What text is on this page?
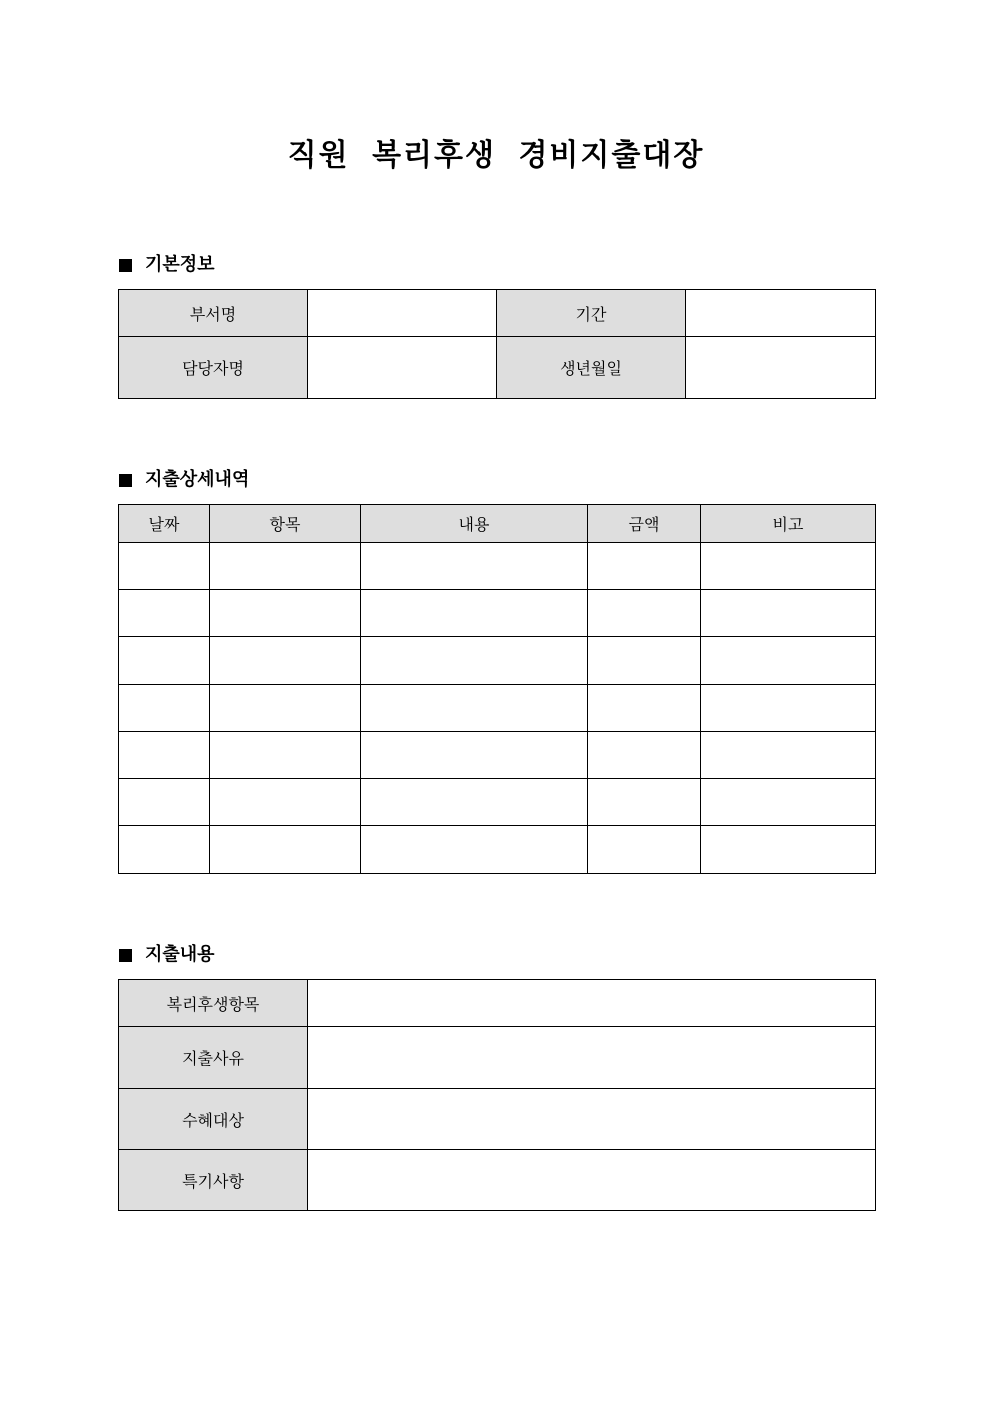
직원 복리후생 경비지출대장
기본정보
부서명		기간	
담당자명		생년월일	
지출상세내역
날짜	항목	내용	금액	비고

지출내용
복리후생항목	
지출사유	
수혜대상	
특기사항	
